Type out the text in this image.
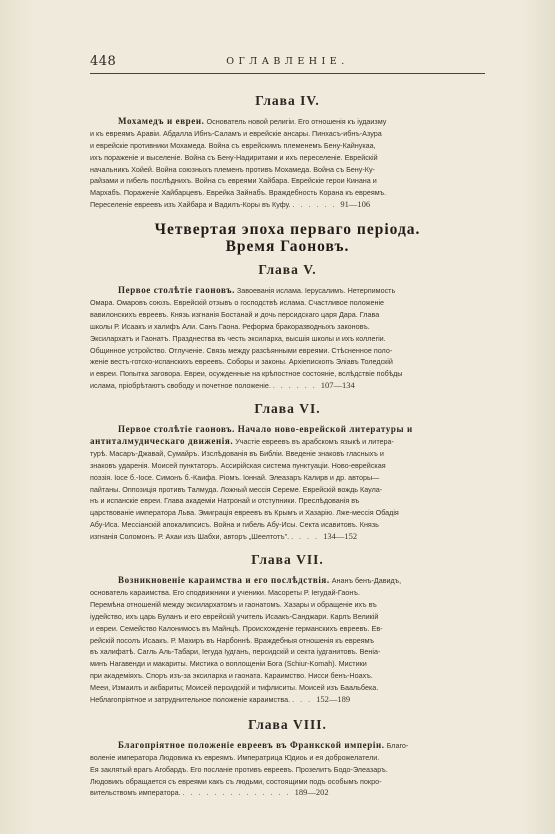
448	ОГЛАВЛЕНІЕ.
Глава IV.

Мохамедъ и евреи. Основатель новой религіи. Его отношенія къ іудаизму
и къ евреямъ Аравіи. Абдалла Ибнъ-Саламъ и еврейскіе ансары. Пинхасъ-ибнъ-Азура
и еврейскіе противники Мохамеда. Война съ еврейскимъ племенемъ Бену-Кайнукаа,
ихъ пораженіе и выселеніе. Война съ Бену-Надиритами и ихъ переселеніе. Еврейскій
начальникъ Хойей. Война союзныхъ племенъ противъ Мохамеда. Война съ Бену-Ку-
райзами и гибель послѣднихъ. Война съ евреями Хайбара. Еврейскіе герои Кинана и
Мархабъ. Пораженіе Хайбарцевъ. Еврейка Зайнабъ. Враждебность Корана къ евреямъ.
Переселеніе евреевъ изъ Хайбара и Вадилъ-Коры въ Куфу. . . . . . . 91—106

Четвертая эпоха перваго періода.

Время Гаоновъ.

Глава V.

Первое столѣтіе гаоновъ. Завоеванія ислама. Іерусалимъ. Нетерпимость
Омара. Омаровъ союзъ. Еврейскій отзывъ о господствѣ ислама. Счастливое положеніе
вавилонскихъ евреевъ. Князь изгнанія Бостанай и дочь персидскаго царя Дара. Глава
школы Р. Исаакъ и халифъ Али. Санъ Гаона. Реформа бракоразводныхъ законовъ.
Эксилархатъ и Гаонатъ. Празднества въ честь эксиларха, высшія школы и ихъ коллегіи.
Общинное устройство. Отлученіе. Связь между разсѣянными евреями. Стѣсненное поло-
женіе вестъ-готско-испанскихъ евреевъ. Соборы и законы. Архіепископъ Эліавъ Толедскій
и евреи. Попытка заговора. Евреи, осужденные на крѣпостное состояніе, вслѣдствіе побѣды
ислама, пріобрѣтаютъ свободу и почетное положеніе. . . . . . . 107—134

Глава VI.

Первое столѣтіе гаоновъ. Начало ново-еврейской литературы и
антиталмудическаго движенія. Участіе евреевъ въ арабскомъ языкѣ и литера-
турѣ. Масаръ-Джавай, Сумайръ. Изслѣдованія въ Библіи. Введеніе знаковъ гласныхъ и
знаковъ ударенія. Моисей пунктаторъ. Ассирійская система пунктуаціи. Ново-еврейская
поэзія. Іосе б.-Іосе. Симонъ б.-Каифа. Ріомъ. Іоннай. Элеазаръ Калирв и др. авторы—
пайтаны. Оппозиція противъ Талмуда. Ложный мессія Сереме. Еврейскій вождь Каулa-
нъ и испанскіе евреи. Глава академіи Натронай и отступники. Преслѣдованія въ
царствованіе императора Льва. Эмиграція евреевъ въ Крымъ и Хазарію. Лже-мессія Обадія
Абу-Иса. Мессіанскій апокалипсисъ. Война и гибель Абу-Исы. Секта исавитовъ. Князь
изгнанія Соломонъ. Р. Ахаи изъ Шабхи, авторъ „Шеелтотъ". . . . . 134—152

Глава VII.

Возникновеніе караимства и его послѣдствія. Ананъ бенъ-Давидъ,
основатель караимства. Его сподвижники и ученики. Масореты Р. Іегудай-Гаонъ.
Перемѣна отношеній между эксилархатомъ и гаонатомъ. Хазары и обращеніе ихъ въ
іудейство, ихъ царь Буланъ и его еврейскій учитель Исаакъ-Санджари. Карлъ Великій
и евреи. Семейство Калонимосъ въ Майнцѣ. Происхожденіе германскихъ евреевъ. Ев-
рейскій посолъ Исаакъ. Р. Махиръ въ Нарбоннѣ. Враждебныя отношенія къ евреямъ
въ халифатѣ. Сагль Аль-Табари, Іегуда Іудганъ, персидскій и секта іудганитовъ. Веніа-
минъ Нагавенди и макариты. Мистика о воплощеніи Бога (Schiur-Komah). Мистики
при академіяхъ. Споръ изъ-за эксиларха и гаоната. Караимство. Нисси бенъ-Ноахъ.
Мееи, Измаилъ и акбариты; Моисей персидскій и тифлиситы. Моисей изъ Баальбека.
Неблагопріятное и затруднительное положеніе караимства. . . . 152—189

Глава VIII.

Благопріятное положеніе евреевъ въ Франкской имперіи. Благо-
воленіе императора Людовика къ евреямъ. Императрица Юдиоь и ея доброжелатели.
Ея заклятый врагъ Агобардъ. Его посланіе противъ евреевъ. Прозелитъ Бодо-Элеазаръ.
Людовикъ обращается съ евреями какъ съ людьми, состоящими подъ особымъ покро-
вительствомъ императора. . . . . . . . . . . . . . . 189—202
